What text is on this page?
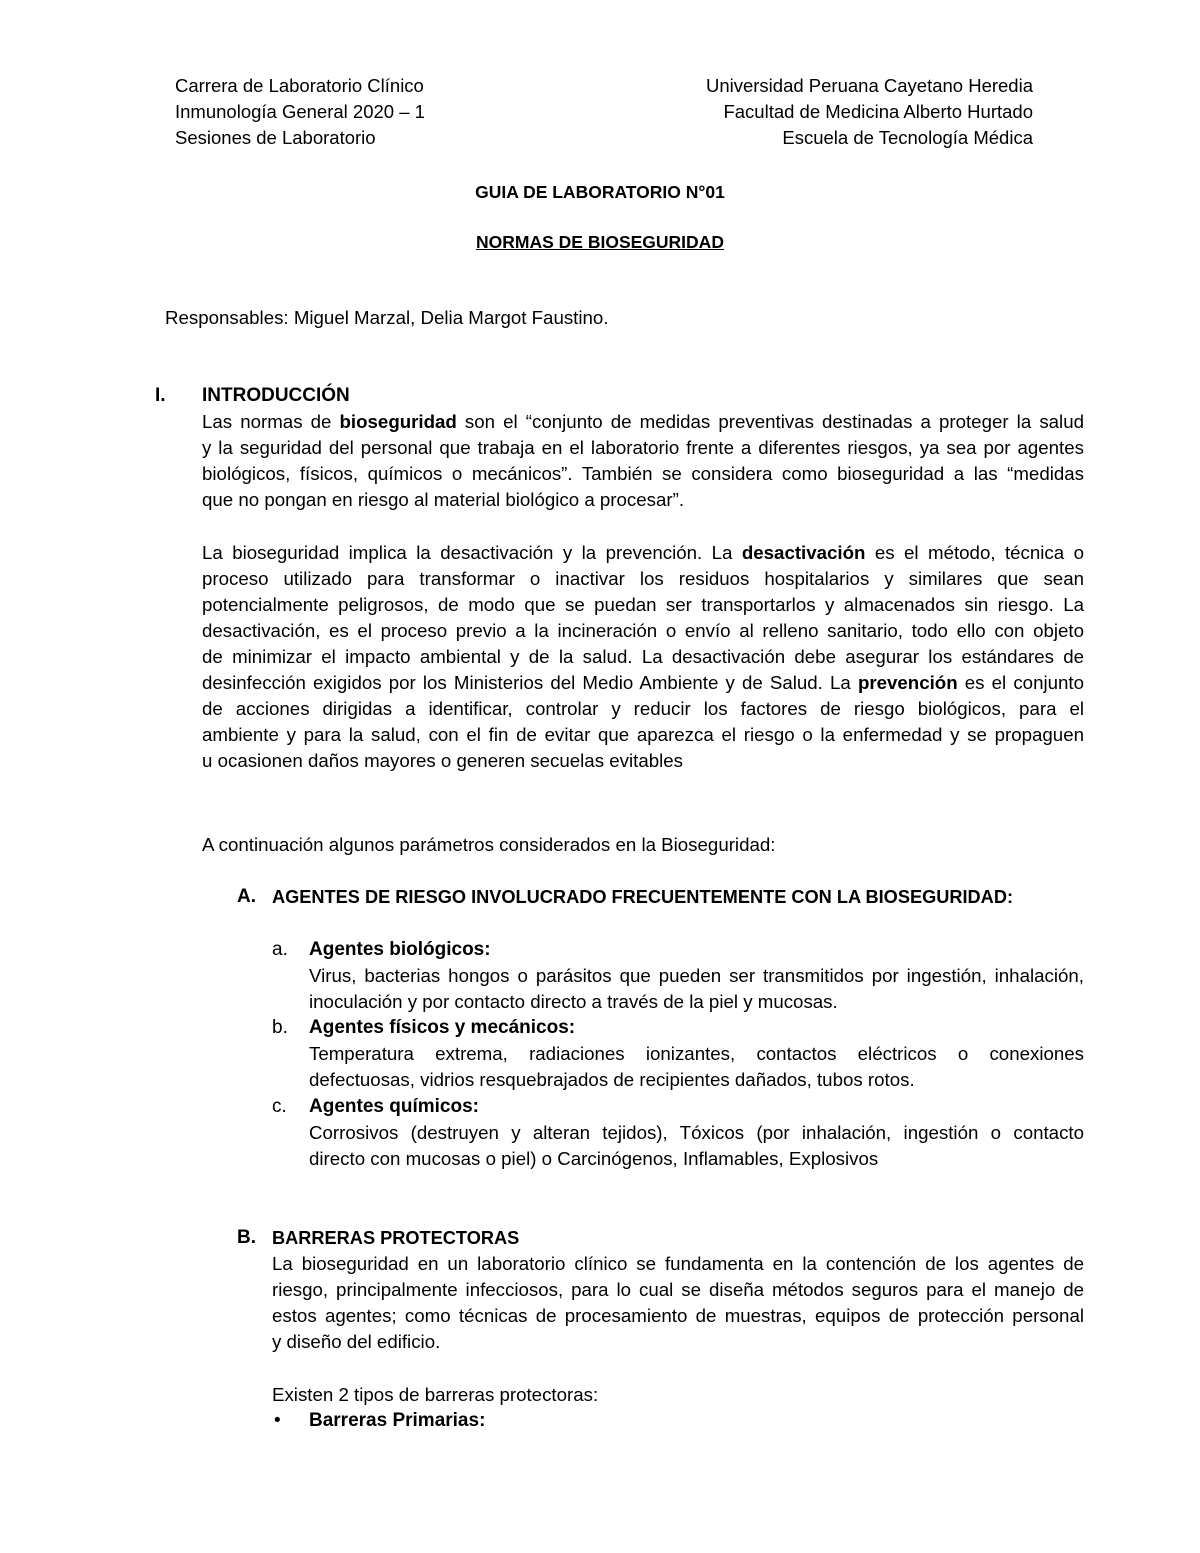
Carrera de Laboratorio Clínico
Inmunología General 2020 – 1
Sesiones de Laboratorio
Universidad Peruana Cayetano Heredia
Facultad de Medicina Alberto Hurtado
Escuela de Tecnología Médica
GUIA DE LABORATORIO N°01
NORMAS DE BIOSEGURIDAD
Responsables: Miguel Marzal, Delia Margot Faustino.
I. INTRODUCCIÓN
Las normas de bioseguridad son el “conjunto de medidas preventivas destinadas a proteger la salud
y la seguridad del personal que trabaja en el laboratorio frente a diferentes riesgos, ya sea por agentes
biológicos, físicos, químicos o mecánicos”. También se considera como bioseguridad a las “medidas
que no pongan en riesgo al material biológico a procesar”.
La bioseguridad implica la desactivación y la prevención. La desactivación es el método, técnica o
proceso utilizado para transformar o inactivar los residuos hospitalarios y similares que sean
potencialmente peligrosos, de modo que se puedan ser transportarlos y almacenados sin riesgo. La
desactivación, es el proceso previo a la incineración o envío al relleno sanitario, todo ello con objeto
de minimizar el impacto ambiental y de la salud. La desactivación debe asegurar los estándares de
desinfección exigidos por los Ministerios del Medio Ambiente y de Salud. La prevención es el conjunto
de acciones dirigidas a identificar, controlar y reducir los factores de riesgo biológicos, para el
ambiente y para la salud, con el fin de evitar que aparezca el riesgo o la enfermedad y se propaguen
u ocasionen daños mayores o generen secuelas evitables
A continuación algunos parámetros considerados en la Bioseguridad:
A. AGENTES DE RIESGO INVOLUCRADO FRECUENTEMENTE CON LA BIOSEGURIDAD:
a. Agentes biológicos:
Virus, bacterias hongos o parásitos que pueden ser transmitidos por ingestión, inhalación,
inoculación y por contacto directo a través de la piel y mucosas.
b. Agentes físicos y mecánicos:
Temperatura extrema, radiaciones ionizantes, contactos eléctricos o conexiones
defectuosas, vidrios resquebrajados de recipientes dañados, tubos rotos.
c. Agentes químicos:
Corrosivos (destruyen y alteran tejidos), Tóxicos (por inhalación, ingestión o contacto
directo con mucosas o piel) o Carcinógenos, Inflamables, Explosivos
B. BARRERAS PROTECTORAS
La bioseguridad en un laboratorio clínico se fundamenta en la contención de los agentes de
riesgo, principalmente infecciosos, para lo cual se diseña métodos seguros para el manejo de
estos agentes; como técnicas de procesamiento de muestras, equipos de protección personal
y diseño del edificio.
Existen 2 tipos de barreras protectoras:
• Barreras Primarias:
